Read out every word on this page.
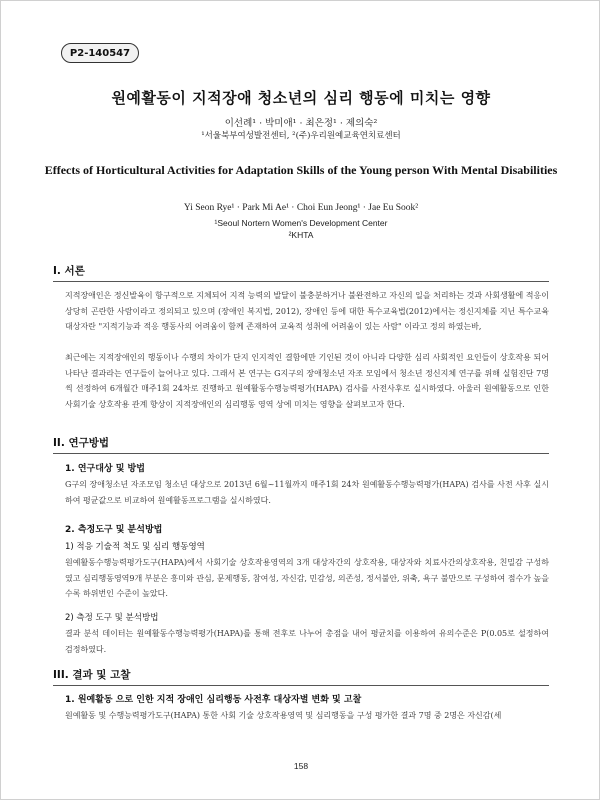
P2-140547
원예활동이 지적장애 청소년의 심리 행동에 미치는 영향
이선례¹ · 박미애¹ · 최은정¹ · 제의숙²
¹서울북부여성발전센터, ²(주)우리원예교육연치료센터
Effects of Horticultural Activities for Adaptation Skills of the Young person With Mental Disabilities
Yi Seon Rye¹ · Park Mi Ae¹ · Choi Eun Jeong¹ · Jae Eu Sook²
¹Seoul Nortern Women's Development Center
²KHTA
I. 서론
지적장애인은 정신발육이 항구적으로 지체되어 지적 능력의 발달이 불충분하거나 불완전하고 자신의 일을 처리하는 것과 사회생활에 적응이 상당히 곤란한 사람이라고 정의되고 있으며 (장애인 복지법, 2012), 장애인 등에 대한 특수교육법(2012)에서는 정신지체를 지닌 특수교육대상자란 "지적기능과 적응 행동사의 어려움이 함께 존재하여 교육적 성취에 어려움이 있는 사람" 이라고 정의 하였는바,
최근에는 지적장애인의 행동이나 수행의 차이가 단지 인지적인 결함에만 기인된 것이 아니라 다양한 심리 사회적인 요인들이 상호작용 되어 나타난 결과라는 연구들이 늘어나고 있다. 그래서 본 연구는 G지구의 장애청소년 자조 모임에서 청소년 정신지체 연구를 위해 실험진단 7명씩 선정하여 6개월간 매주1회 24차로 진행하고 원예활동수행능력평가(HAPA) 검사를 사전사후로 실시하였다. 아울러 원예활동으로 인한 사회기술 상호작용 관계 향상이 지적장애인의 심리행동 영역 상에 미치는 영향을 살펴보고자 한다.
II. 연구방법
1. 연구대상 및 방법
G구의 장애청소년 자조모임 청소년 대상으로 2013년 6월~11월까지 매주1회 24차 원예활동수행능력평가(HAPA) 검사를 사전 사후 실시하여 평균값으로 비교하여 원예활동프로그램을 실시하였다.
2. 측정도구 및 분석방법
1) 적응 기술적 척도 및 심리 행동영역
원예활동수행능력평가도구(HAPA)에서 사회기술 상호작용영역의 3개 대상자간의 상호작용, 대상자와 치료사간의상호작용, 친밀감 구성하였고 심리행동영역9개 부분은 흥미와 관심, 문제행동, 참여성, 자신감, 민감성, 의존성, 정서불안, 위축, 욕구 불만으로 구성하여 점수가 높을수록 하위번인 수준이 높았다.
2) 측정 도구 및 분석방법
결과 분석 데이터는 원예활동수행능력평가(HAPA)를 통해 전후로 나누어 총점을 내어 평균치를 이용하여 유의수준은 P(0.05로 설정하여 검정하였다.
III. 결과 및 고찰
1. 원예활동 으로 인한 지적 장애인 심리행동 사전후 대상자별 변화 및 고찰
원예활동 및 수행능력평가도구(HAPA) 통한 사회 기술 상호작용영역 및 심리행동을 구성 평가한 결과 7명 중 2명은 자신감(세
158
